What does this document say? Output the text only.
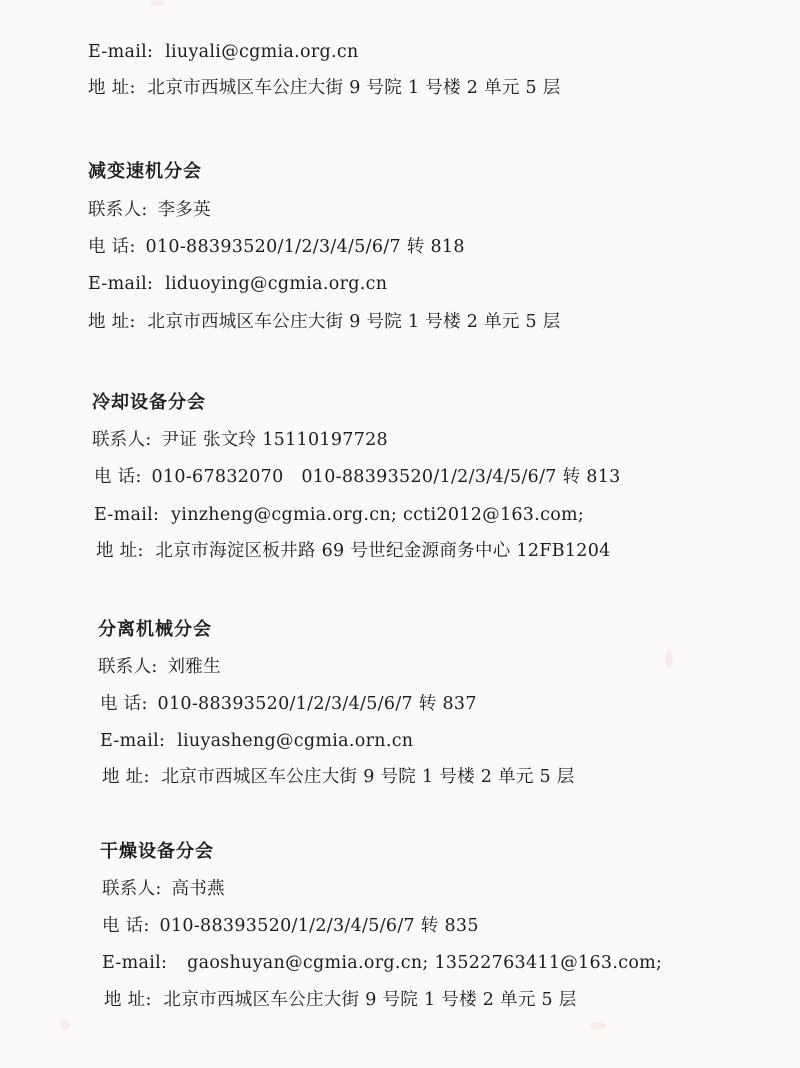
E-mail: liuyali@cgmia.org.cn
地 址: 北京市西城区车公庄大街 9 号院 1 号楼 2 单元 5 层
减变速机分会
联系人: 李多英
电 话: 010-88393520/1/2/3/4/5/6/7 转 818
E-mail: liduoying@cgmia.org.cn
地 址: 北京市西城区车公庄大街 9 号院 1 号楼 2 单元 5 层
冷却设备分会
联系人: 尹证 张文玲 15110197728
电 话: 010-67832070　010-88393520/1/2/3/4/5/6/7 转 813
E-mail: yinzheng@cgmia.org.cn; ccti2012@163.com;
地 址: 北京市海淀区板井路 69 号世纪金源商务中心 12FB1204
分离机械分会
联系人: 刘雅生
电 话: 010-88393520/1/2/3/4/5/6/7 转 837
E-mail: liuyasheng@cgmia.orn.cn
地 址: 北京市西城区车公庄大街 9 号院 1 号楼 2 单元 5 层
干燥设备分会
联系人: 高书燕
电 话: 010-88393520/1/2/3/4/5/6/7 转 835
E-mail: gaoshuyan@cgmia.org.cn; 13522763411@163.com;
地 址: 北京市西城区车公庄大街 9 号院 1 号楼 2 单元 5 层
